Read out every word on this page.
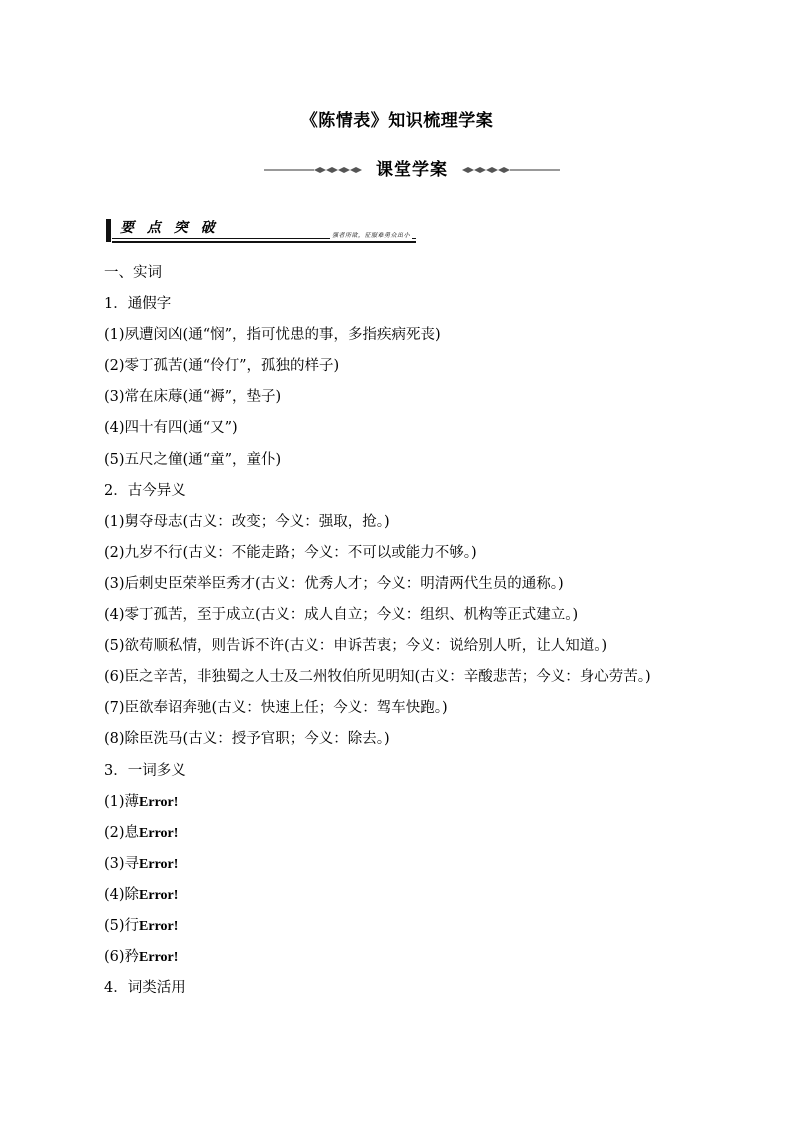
《陈情表》知识梳理学案
课堂学案
要 点 突 破	强者所欲，征服难勇众出小
一、实词
1．通假字
(1)夙遭闵凶(通“悯”，指可忧患的事，多指疾病死丧)
(2)零丁孤苦(通“伶仃”，孤独的样子)
(3)常在床蓐(通“褥”，垫子)
(4)四十有四(通“又”)
(5)五尺之僮(通“童”，童仆)
2．古今异义
(1)舅夺母志(古义：改变；今义：强取，抢。)
(2)九岁不行(古义：不能走路；今义：不可以或能力不够。)
(3)后刺史臣荣举臣秀才(古义：优秀人才；今义：明清两代生员的通称。)
(4)零丁孤苦，至于成立(古义：成人自立；今义：组织、机构等正式建立。)
(5)欲苟顺私情，则告诉不许(古义：申诉苦衷；今义：说给别人听，让人知道。)
(6)臣之辛苦，非独蜀之人士及二州牧伯所见明知(古义：辛酸悲苦；今义：身心劳苦。)
(7)臣欲奉诏奔驰(古义：快速上任；今义：驾车快跑。)
(8)除臣洗马(古义：授予官职；今义：除去。)
3．一词多义
(1)薄Error!
(2)息Error!
(3)寻Error!
(4)除Error!
(5)行Error!
(6)矜Error!
4．词类活用
